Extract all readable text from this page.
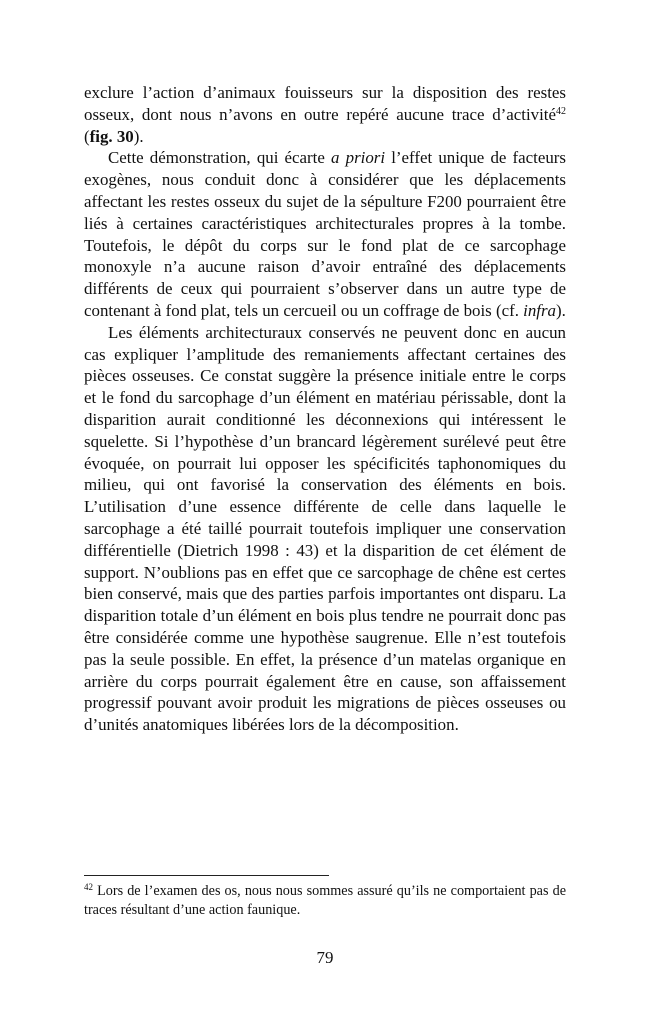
exclure l’action d’animaux fouisseurs sur la disposition des restes osseux, dont nous n’avons en outre repéré aucune trace d’activité$^{42}$ (fig. 30).

Cette démonstration, qui écarte a priori l’effet unique de facteurs exogènes, nous conduit donc à considérer que les déplacements affectant les restes osseux du sujet de la sépulture F200 pourraient être liés à certaines caractéristiques architecturales propres à la tombe. Toutefois, le dépôt du corps sur le fond plat de ce sarcophage monoxyle n’a aucune raison d’avoir entraîné des déplacements différents de ceux qui pourraient s’observer dans un autre type de contenant à fond plat, tels un cercueil ou un coffrage de bois (cf. infra).

Les éléments architecturaux conservés ne peuvent donc en aucun cas expliquer l’amplitude des remaniements affectant certaines des pièces osseuses. Ce constat suggère la présence initiale entre le corps et le fond du sarcophage d’un élément en matériau périssable, dont la disparition aurait conditionné les déconnexions qui intéressent le squelette. Si l’hypothèse d’un brancard légèrement surélevé peut être évoquée, on pourrait lui opposer les spécificités taphonomiques du milieu, qui ont favorisé la conservation des éléments en bois. L’utilisation d’une essence différente de celle dans laquelle le sarcophage a été taillé pourrait toutefois impliquer une conservation différentielle (Dietrich 1998 : 43) et la disparition de cet élément de support. N’oublions pas en effet que ce sarcophage de chêne est certes bien conservé, mais que des parties parfois importantes ont disparu. La disparition totale d’un élément en bois plus tendre ne pourrait donc pas être considérée comme une hypothèse saugrenue. Elle n’est toutefois pas la seule possible. En effet, la présence d’un matelas organique en arrière du corps pourrait également être en cause, son affaissement progressif pouvant avoir produit les migrations de pièces osseuses ou d’unités anatomiques libérées lors de la décomposition.

$^{42}$ Lors de l’examen des os, nous nous sommes assuré qu’ils ne comportaient pas de traces résultant d’une action faunique.

79
